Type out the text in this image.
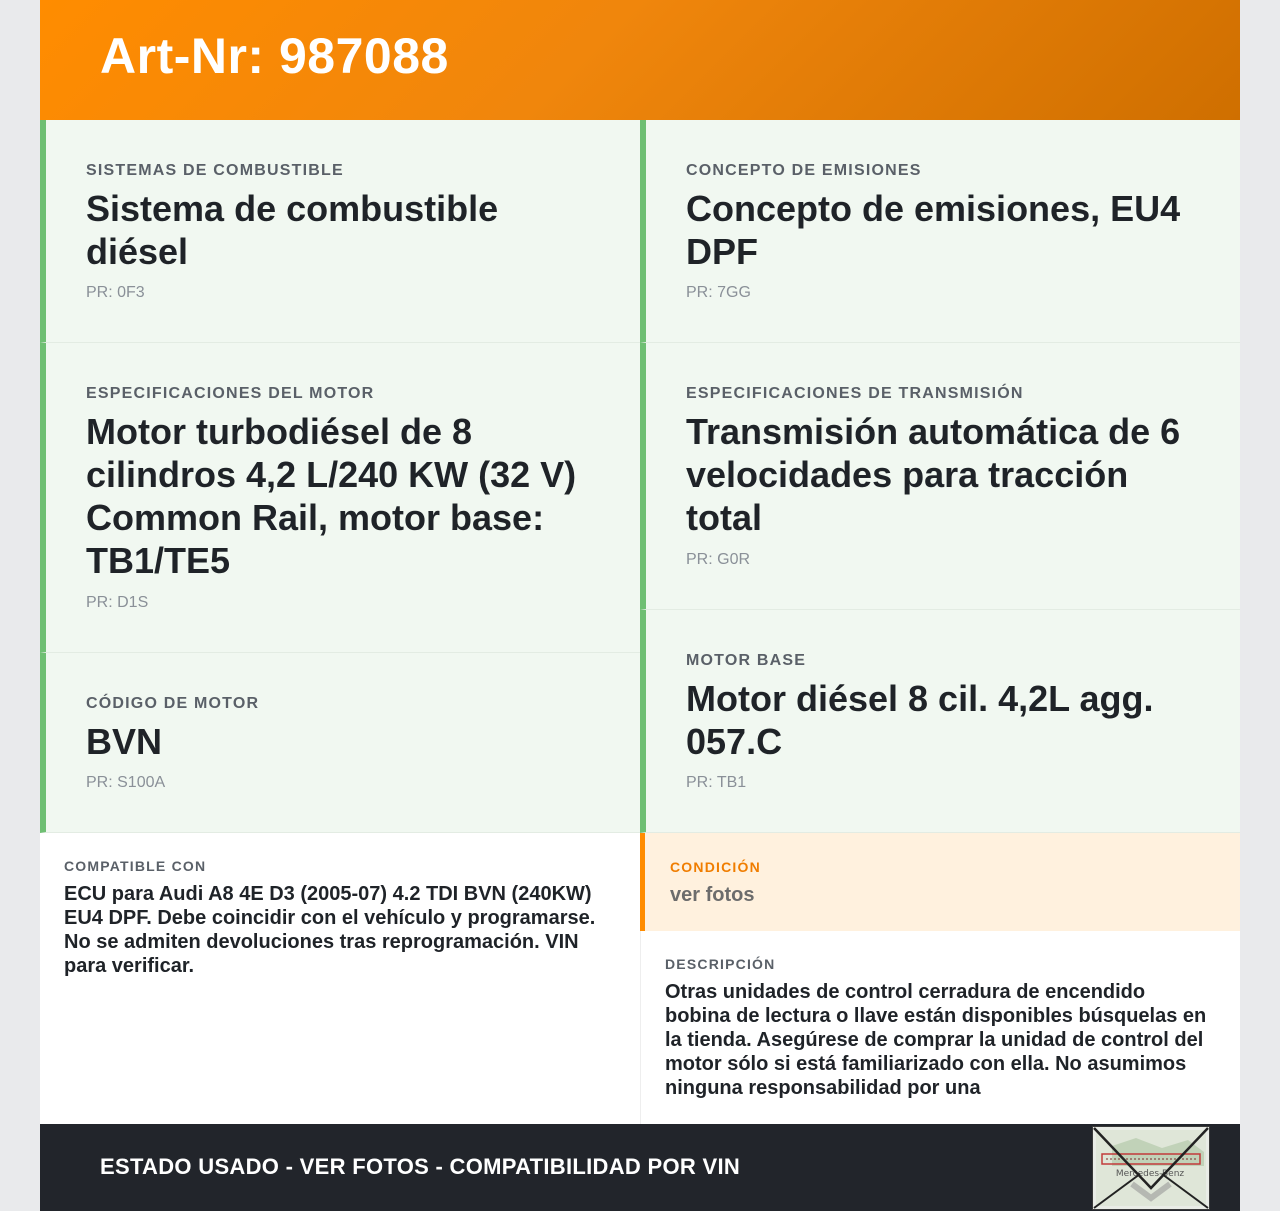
Art-Nr: 987088
SISTEMAS DE COMBUSTIBLE
Sistema de combustible diésel
PR: 0F3
ESPECIFICACIONES DEL MOTOR
Motor turbodiésel de 8 cilindros 4,2 L/240 KW (32 V) Common Rail, motor base: TB1/TE5
PR: D1S
CÓDIGO DE MOTOR
BVN
PR: S100A
CONCEPTO DE EMISIONES
Concepto de emisiones, EU4 DPF
PR: 7GG
ESPECIFICACIONES DE TRANSMISIÓN
Transmisión automática de 6 velocidades para tracción total
PR: G0R
MOTOR BASE
Motor diésel 8 cil. 4,2L agg. 057.C
PR: TB1
COMPATIBLE CON
ECU para Audi A8 4E D3 (2005-07) 4.2 TDI BVN (240KW) EU4 DPF. Debe coincidir con el vehículo y programarse. No se admiten devoluciones tras reprogramación. VIN para verificar.
CONDICIÓN
ver fotos
DESCRIPCIÓN
Otras unidades de control cerradura de encendido bobina de lectura o llave están disponibles búsquelas en la tienda. Asegúrese de comprar la unidad de control del motor sólo si está familiarizado con ella. No asumimos ninguna responsabilidad por una
ESTADO USADO - VER FOTOS - COMPATIBILIDAD POR VIN	Mercedes-Benz
